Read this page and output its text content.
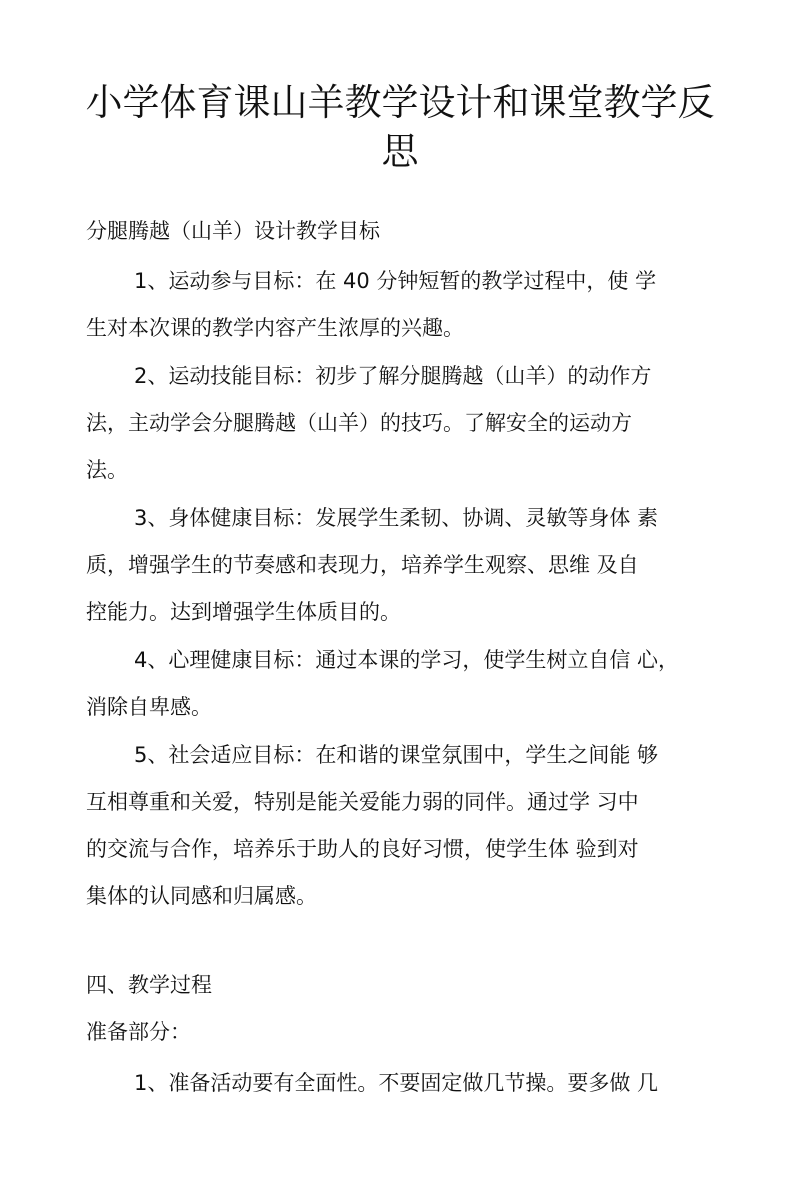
小学体育课山羊教学设计和课堂教学反
思

分腿腾越（山羊）设计教学目标

1、运动参与目标：在 40 分钟短暂的教学过程中，使 学

生对本次课的教学内容产生浓厚的兴趣。

2、运动技能目标：初步了解分腿腾越（山羊）的动作方

法，主动学会分腿腾越（山羊）的技巧。了解安全的运动方

法。

3、身体健康目标：发展学生柔韧、协调、灵敏等身体 素

质，增强学生的节奏感和表现力，培养学生观察、思维 及自

控能力。达到增强学生体质目的。

4、心理健康目标：通过本课的学习，使学生树立自信 心，

消除自卑感。

5、社会适应目标：在和谐的课堂氛围中，学生之间能 够

互相尊重和关爱，特别是能关爱能力弱的同伴。通过学 习中

的交流与合作，培养乐于助人的良好习惯，使学生体 验到对

集体的认同感和归属感。

四、教学过程

准备部分：

1、准备活动要有全面性。不要固定做几节操。要多做 几
